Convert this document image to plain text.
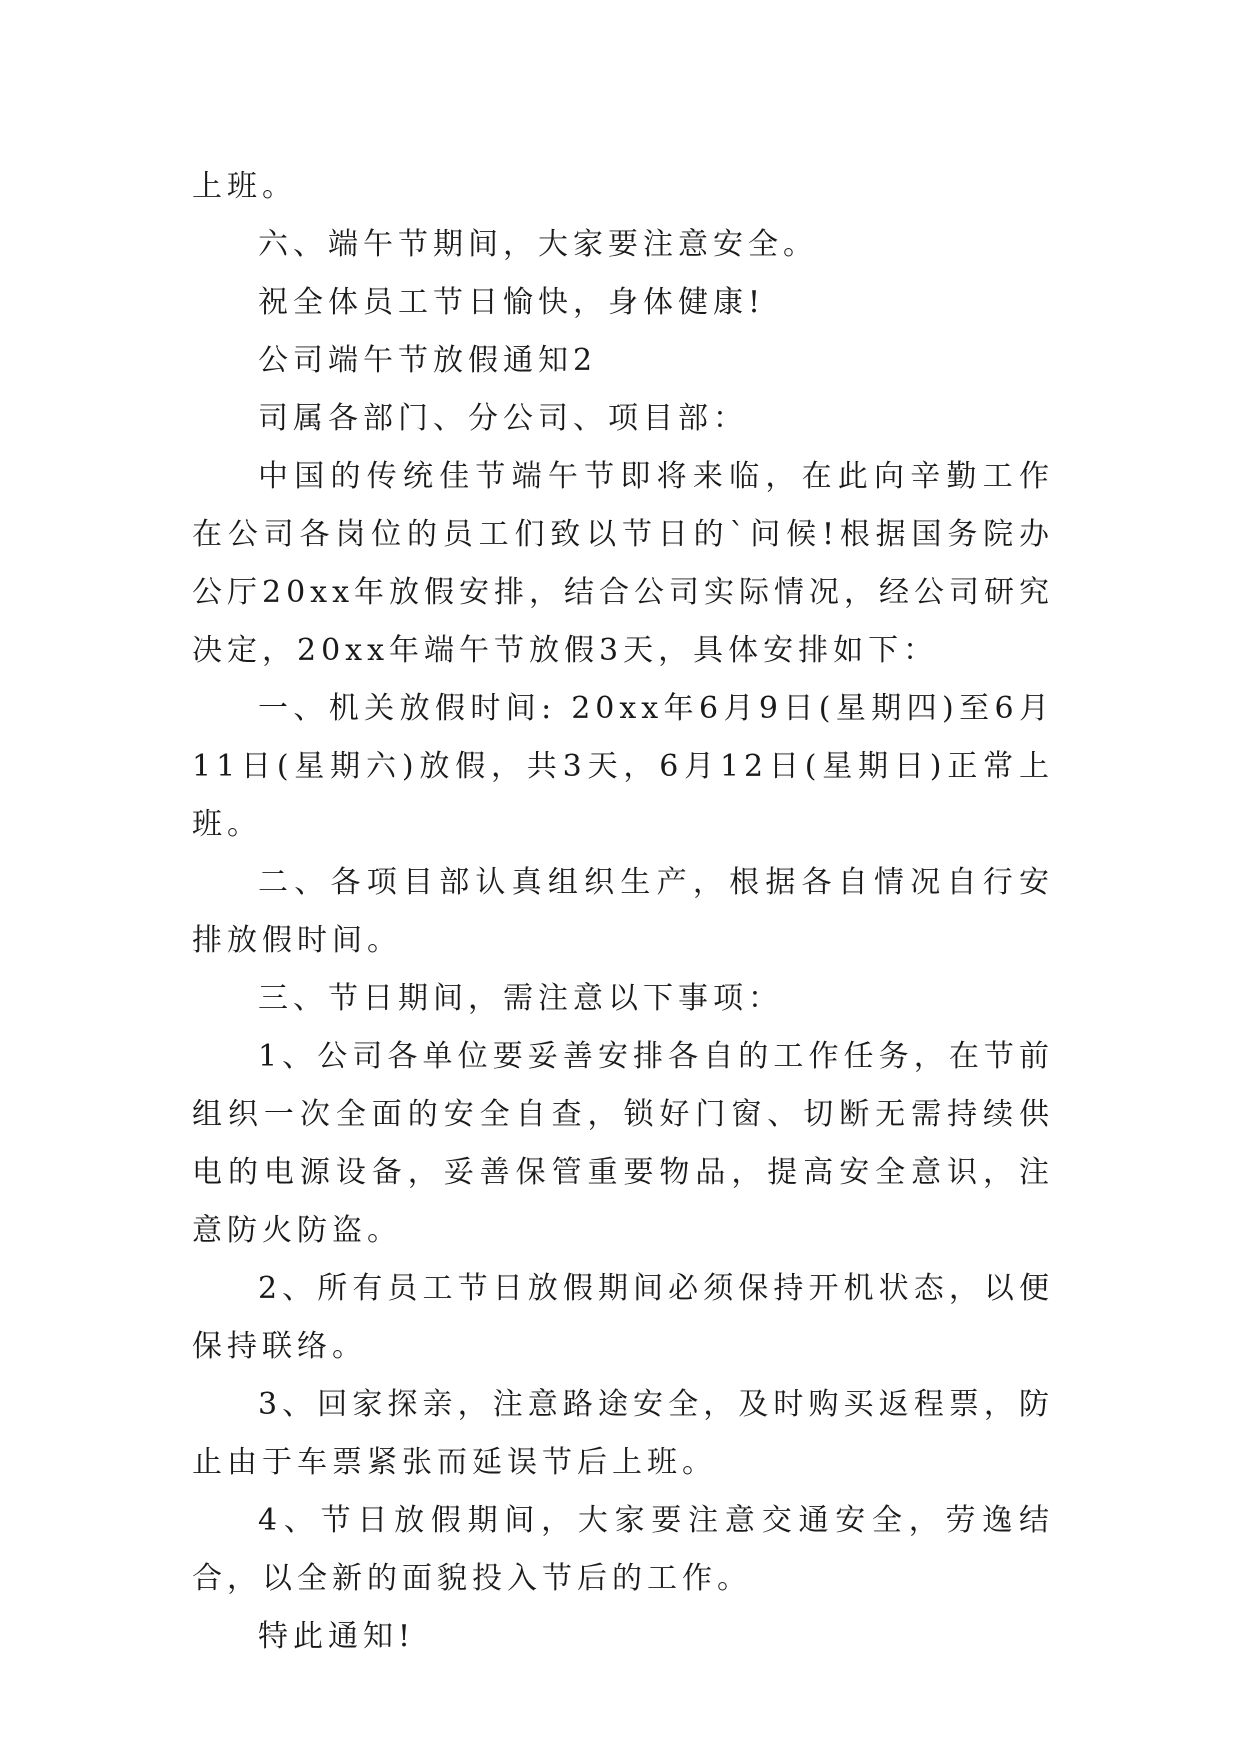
上班。

六、端午节期间，大家要注意安全。

祝全体员工节日愉快，身体健康!

公司端午节放假通知2

司属各部门、分公司、项目部：

中国的传统佳节端午节即将来临，在此向辛勤工作在公司各岗位的员工们致以节日的`问候!根据国务院办公厅20xx年放假安排，结合公司实际情况，经公司研究决定，20xx年端午节放假3天，具体安排如下：

一、机关放假时间: 20xx年6月9日(星期四)至6月11日(星期六)放假，共3天，6月12日(星期日)正常上班。

二、各项目部认真组织生产，根据各自情况自行安排放假时间。

三、节日期间，需注意以下事项：

1、公司各单位要妥善安排各自的工作任务，在节前组织一次全面的安全自查，锁好门窗、切断无需持续供电的电源设备，妥善保管重要物品，提高安全意识，注意防火防盗。

2、所有员工节日放假期间必须保持开机状态，以便保持联络。

3、回家探亲，注意路途安全，及时购买返程票，防止由于车票紧张而延误节后上班。

4、节日放假期间，大家要注意交通安全，劳逸结合，以全新的面貌投入节后的工作。

特此通知!
